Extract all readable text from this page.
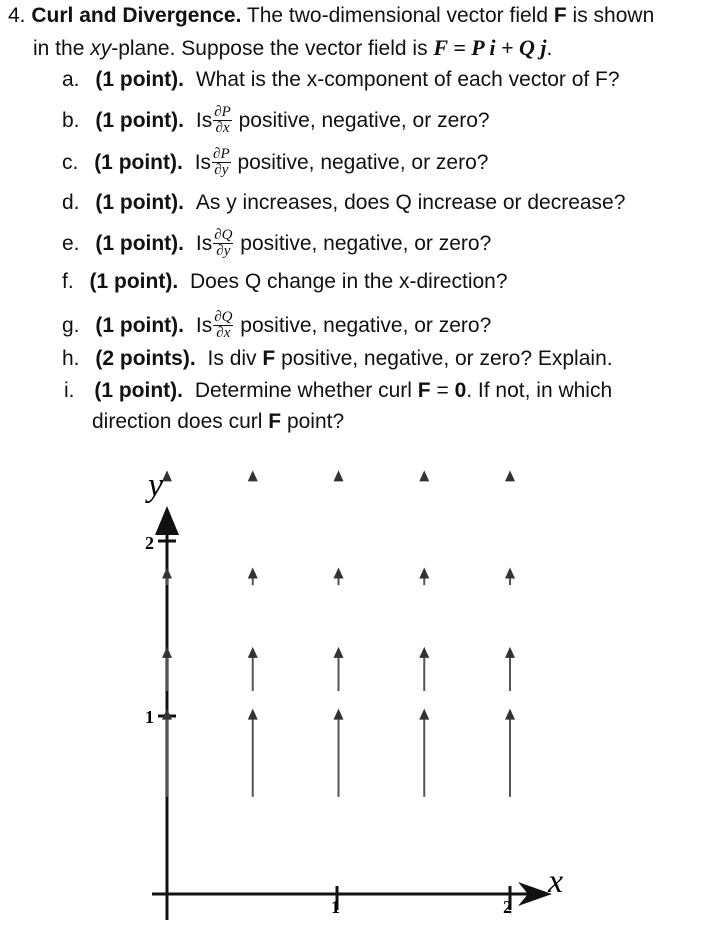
4. Curl and Divergence. The two-dimensional vector field F is shown
in the xy-plane. Suppose the vector field is F = P i + Q j.
a. (1 point). What is the x-component of each vector of F?
b. (1 point). Is $\frac{\partial P}{\partial x}$ positive, negative, or zero?
c. (1 point). Is $\frac{\partial P}{\partial y}$ positive, negative, or zero?
d. (1 point). As y increases, does Q increase or decrease?
e. (1 point). Is $\frac{\partial Q}{\partial y}$ positive, negative, or zero?
f. (1 point). Does Q change in the x-direction?
g. (1 point). Is $\frac{\partial Q}{\partial x}$ positive, negative, or zero?
h. (2 points). Is div F positive, negative, or zero? Explain.
i. (1 point). Determine whether curl F = 0. If not, in which
direction does curl F point?
y
x
1	2
1
2
